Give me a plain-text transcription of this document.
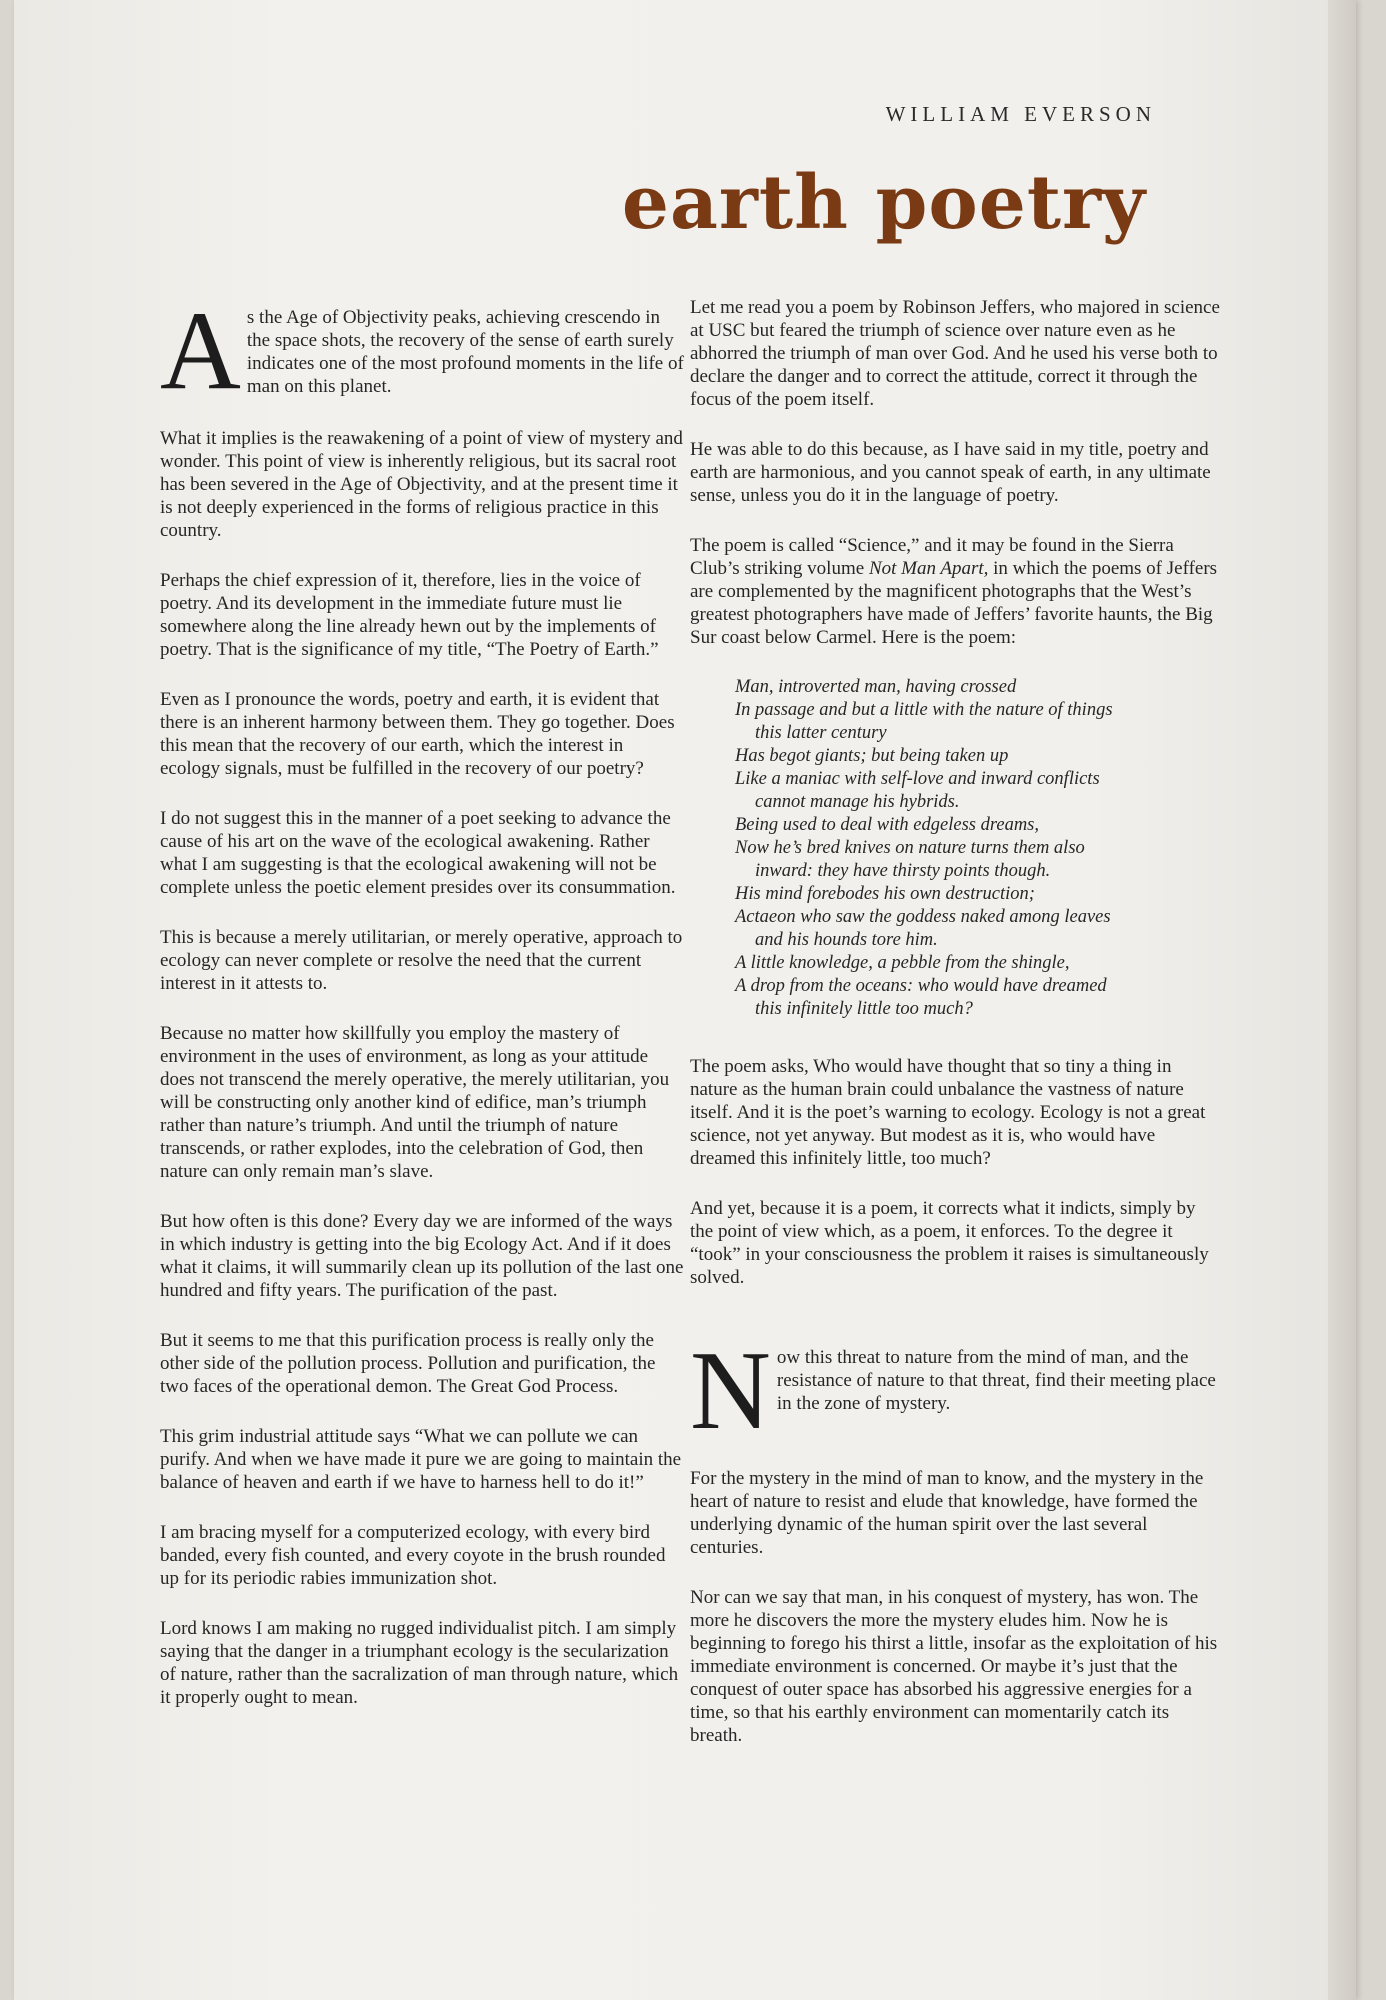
WILLIAM EVERSON
earth poetry

A s the Age of Objectivity peaks, achieving crescendo in the space shots, the recovery of the sense of earth surely indicates one of the most profound moments in the life of man on this planet.

What it implies is the reawakening of a point of view of mystery and wonder. This point of view is inherently religious, but its sacral root has been severed in the Age of Objectivity, and at the present time it is not deeply experienced in the forms of religious practice in this country.

Perhaps the chief expression of it, therefore, lies in the voice of poetry. And its development in the immediate future must lie somewhere along the line already hewn out by the implements of poetry. That is the significance of my title, “The Poetry of Earth.”

Even as I pronounce the words, poetry and earth, it is evident that there is an inherent harmony between them. They go together. Does this mean that the recovery of our earth, which the interest in ecology signals, must be fulfilled in the recovery of our poetry?

I do not suggest this in the manner of a poet seeking to advance the cause of his art on the wave of the ecological awakening. Rather what I am suggesting is that the ecological awakening will not be complete unless the poetic element presides over its consummation.

This is because a merely utilitarian, or merely operative, approach to ecology can never complete or resolve the need that the current interest in it attests to.

Because no matter how skillfully you employ the mastery of environment in the uses of environment, as long as your attitude does not transcend the merely operative, the merely utilitarian, you will be constructing only another kind of edifice, man’s triumph rather than nature’s triumph. And until the triumph of nature transcends, or rather explodes, into the celebration of God, then nature can only remain man’s slave.

But how often is this done? Every day we are informed of the ways in which industry is getting into the big Ecology Act. And if it does what it claims, it will summarily clean up its pollution of the last one hundred and fifty years. The purification of the past.

But it seems to me that this purification process is really only the other side of the pollution process. Pollution and purification, the two faces of the operational demon. The Great God Process.

This grim industrial attitude says “What we can pollute we can purify. And when we have made it pure we are going to maintain the balance of heaven and earth if we have to harness hell to do it!”

I am bracing myself for a computerized ecology, with every bird banded, every fish counted, and every coyote in the brush rounded up for its periodic rabies immunization shot.

Lord knows I am making no rugged individualist pitch. I am simply saying that the danger in a triumphant ecology is the secularization of nature, rather than the sacralization of man through nature, which it properly ought to mean.

Let me read you a poem by Robinson Jeffers, who majored in science at USC but feared the triumph of science over nature even as he abhorred the triumph of man over God. And he used his verse both to declare the danger and to correct the attitude, correct it through the focus of the poem itself.

He was able to do this because, as I have said in my title, poetry and earth are harmonious, and you cannot speak of earth, in any ultimate sense, unless you do it in the language of poetry.

The poem is called “Science,” and it may be found in the Sierra Club’s striking volume Not Man Apart, in which the poems of Jeffers are complemented by the magnificent photographs that the West’s greatest photographers have made of Jeffers’ favorite haunts, the Big Sur coast below Carmel. Here is the poem:

Man, introverted man, having crossed
In passage and but a little with the nature of things
this latter century
Has begot giants; but being taken up
Like a maniac with self-love and inward conflicts
cannot manage his hybrids.
Being used to deal with edgeless dreams,
Now he’s bred knives on nature turns them also
inward: they have thirsty points though.
His mind forebodes his own destruction;
Actaeon who saw the goddess naked among leaves
and his hounds tore him.
A little knowledge, a pebble from the shingle,
A drop from the oceans: who would have dreamed
this infinitely little too much?

The poem asks, Who would have thought that so tiny a thing in nature as the human brain could unbalance the vastness of nature itself. And it is the poet’s warning to ecology. Ecology is not a great science, not yet anyway. But modest as it is, who would have dreamed this infinitely little, too much?

And yet, because it is a poem, it corrects what it indicts, simply by the point of view which, as a poem, it enforces. To the degree it “took” in your consciousness the problem it raises is simultaneously solved.

N ow this threat to nature from the mind of man, and the resistance of nature to that threat, find their meeting place in the zone of mystery.

For the mystery in the mind of man to know, and the mystery in the heart of nature to resist and elude that knowledge, have formed the underlying dynamic of the human spirit over the last several centuries.

Nor can we say that man, in his conquest of mystery, has won. The more he discovers the more the mystery eludes him. Now he is beginning to forego his thirst a little, insofar as the exploitation of his immediate environment is concerned. Or maybe it’s just that the conquest of outer space has absorbed his aggressive energies for a time, so that his earthly environment can momentarily catch its breath.
